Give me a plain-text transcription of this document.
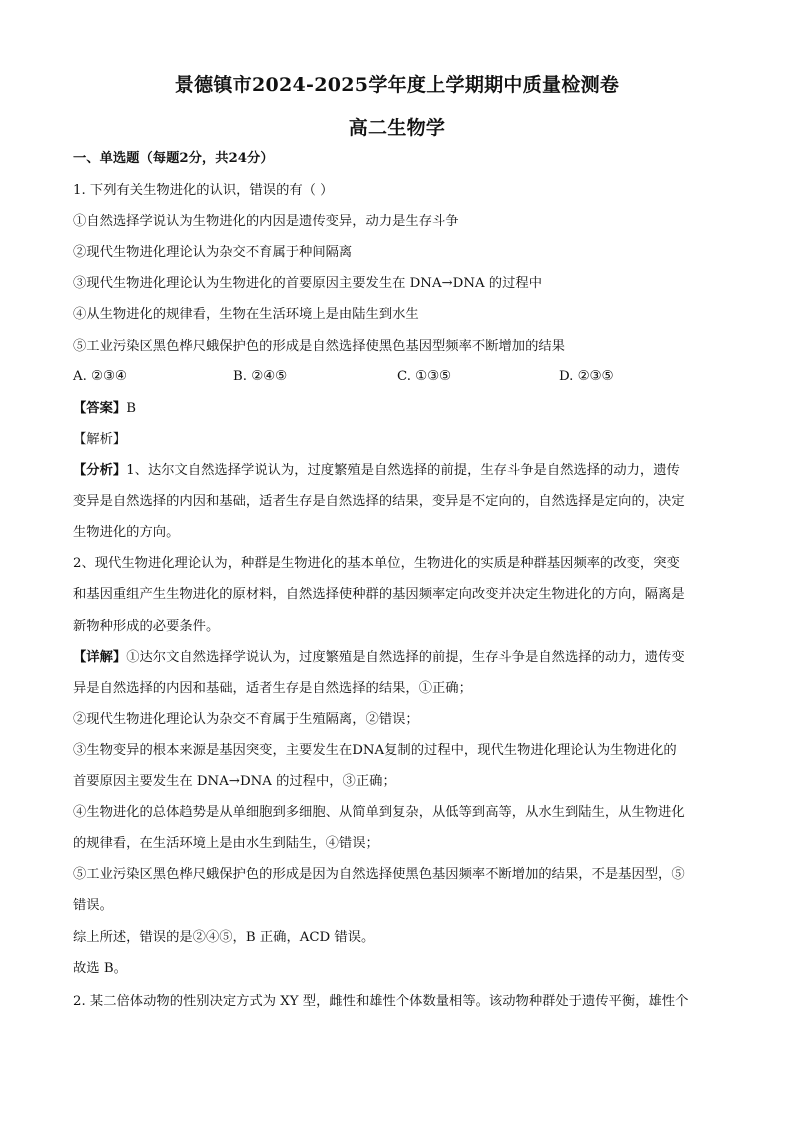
景德镇市2024-2025学年度上学期期中质量检测卷
高二生物学
一、单选题（每题2分，共24分）
1. 下列有关生物进化的认识，错误的有（ ）
①自然选择学说认为生物进化的内因是遗传变异，动力是生存斗争
②现代生物进化理论认为杂交不育属于种间隔离
③现代生物进化理论认为生物进化的首要原因主要发生在 DNA→DNA 的过程中
④从生物进化的规律看，生物在生活环境上是由陆生到水生
⑤工业污染区黑色桦尺蛾保护色的形成是自然选择使黑色基因型频率不断增加的结果
A. ②③④	B. ②④⑤	C. ①③⑤	D. ②③⑤
【答案】B
【解析】
【分析】1、达尔文自然选择学说认为，过度繁殖是自然选择的前提，生存斗争是自然选择的动力，遗传
变异是自然选择的内因和基础，适者生存是自然选择的结果，变异是不定向的，自然选择是定向的，决定
生物进化的方向。
2、现代生物进化理论认为，种群是生物进化的基本单位，生物进化的实质是种群基因频率的改变，突变
和基因重组产生生物进化的原材料，自然选择使种群的基因频率定向改变并决定生物进化的方向，隔离是
新物种形成的必要条件。
【详解】①达尔文自然选择学说认为，过度繁殖是自然选择的前提，生存斗争是自然选择的动力，遗传变
异是自然选择的内因和基础，适者生存是自然选择的结果，①正确；
②现代生物进化理论认为杂交不育属于生殖隔离，②错误；
③生物变异的根本来源是基因突变，主要发生在DNA复制的过程中，现代生物进化理论认为生物进化的
首要原因主要发生在 DNA→DNA 的过程中，③正确；
④生物进化的总体趋势是从单细胞到多细胞、从简单到复杂，从低等到高等，从水生到陆生，从生物进化
的规律看，在生活环境上是由水生到陆生，④错误；
⑤工业污染区黑色桦尺蛾保护色的形成是因为自然选择使黑色基因频率不断增加的结果，不是基因型，⑤
错误。
综上所述，错误的是②④⑤，B 正确，ACD 错误。
故选 B。
2. 某二倍体动物的性别决定方式为 XY 型，雌性和雄性个体数量相等。该动物种群处于遗传平衡，雄性个
